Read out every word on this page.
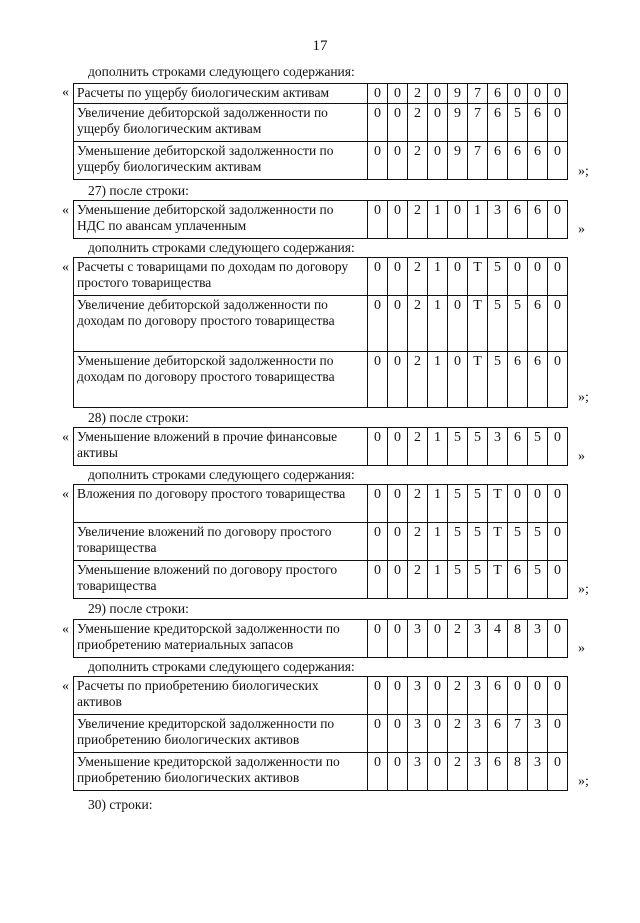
17
дополнить строками следующего содержания:
« Расчеты по ущербу биологическим активам	0	0	2	0	9	7	6	0	0	0
Увеличение дебиторской задолженности по ущербу биологическим активам	0	0	2	0	9	7	6	5	6	0
Уменьшение дебиторской задолженности по ущербу биологическим активам	0	0	2	0	9	7	6	6	6	0
»;
27) после строки:
« Уменьшение дебиторской задолженности по НДС по авансам уплаченным	0	0	2	1	0	1	3	6	6	0
»
дополнить строками следующего содержания:
« Расчеты с товарищами по доходам по договору простого товарищества	0	0	2	1	0	Т	5	0	0	0
Увеличение дебиторской задолженности по доходам по договору простого товарищества	0	0	2	1	0	Т	5	5	6	0
Уменьшение дебиторской задолженности по доходам по договору простого товарищества	0	0	2	1	0	Т	5	6	6	0
»;
28) после строки:
« Уменьшение вложений в прочие финансовые активы	0	0	2	1	5	5	3	6	5	0
»
дополнить строками следующего содержания:
« Вложения по договору простого товарищества	0	0	2	1	5	5	Т	0	0	0
Увеличение вложений по договору простого товарищества	0	0	2	1	5	5	Т	5	5	0
Уменьшение вложений по договору простого товарищества	0	0	2	1	5	5	Т	6	5	0
»;
29) после строки:
« Уменьшение кредиторской задолженности по приобретению материальных запасов	0	0	3	0	2	3	4	8	3	0
»
дополнить строками следующего содержания:
« Расчеты по приобретению биологических активов	0	0	3	0	2	3	6	0	0	0
Увеличение кредиторской задолженности по приобретению биологических активов	0	0	3	0	2	3	6	7	3	0
Уменьшение кредиторской задолженности по приобретению биологических активов	0	0	3	0	2	3	6	8	3	0
»;
30) строки:
